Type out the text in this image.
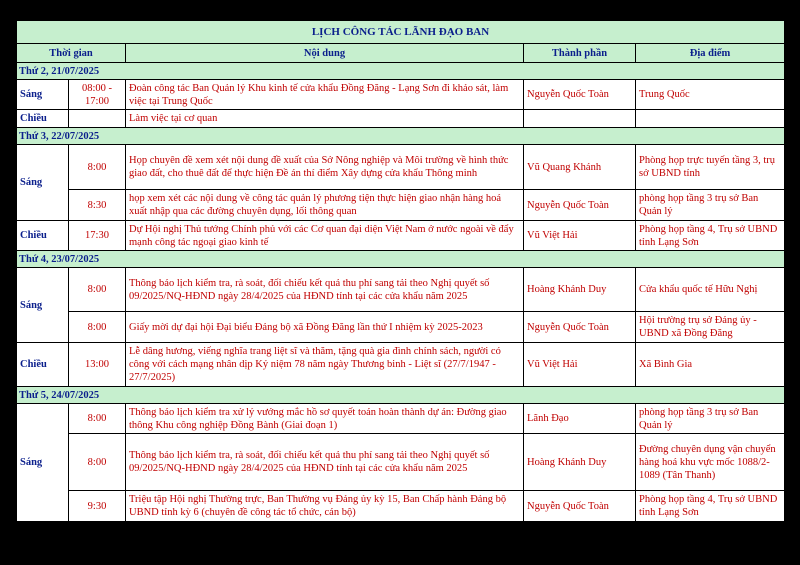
LỊCH CÔNG TÁC LÃNH ĐẠO BAN				
Thời gian		Nội dung	Thành phần	Địa điểm
Thứ 2, 21/07/2025				
Sáng	08:00 - 17:00	Đoàn công tác Ban Quản lý Khu kinh tế cửa khẩu Đồng Đăng - Lạng Sơn đi khảo sát, làm việc tại Trung Quốc	Nguyễn Quốc Toàn	Trung Quốc
Chiều		Làm việc tại cơ quan		
Thứ 3, 22/07/2025				
Sáng	8:00	Họp chuyên đề xem xét nội dung đề xuất của Sở Nông nghiệp và Môi trường về hình thức giao đất, cho thuê đất để thực hiện Đề án thí điểm Xây dựng cửa khẩu Thông minh	Vũ Quang Khánh	Phòng họp trực tuyến tầng 3, trụ sở UBND tỉnh
	8:30	họp xem xét các nội dung về công tác quản lý phương tiện thực hiện giao nhận hàng hoá xuất nhập qua các đường chuyên dụng, lối thông quan	Nguyễn Quốc Toàn	phòng họp tầng 3 trụ sở Ban Quản lý
Chiều	17:30	Dự Hội nghị Thủ tướng Chính phủ với các Cơ quan đại diện Việt Nam ở nước ngoài về đẩy mạnh công tác ngoại giao kinh tế	Vũ Việt Hải	Phòng họp tầng 4, Trụ sở UBND tỉnh Lạng Sơn
Thứ 4, 23/07/2025				
Sáng	8:00	Thông báo lịch kiểm tra, rà soát, đối chiếu kết quả thu phí sang tải theo Nghị quyết số 09/2025/NQ-HĐND ngày 28/4/2025 của HĐND tỉnh tại các cửa khẩu năm 2025	Hoàng Khánh Duy	Cửa khẩu quốc tế Hữu Nghị
	8:00	Giấy mời dự đại hội Đại biểu Đảng bộ xã Đồng Đăng lần thứ I nhiệm kỳ 2025-2023	Nguyễn Quốc Toàn	Hội trường trụ sở Đảng ủy - UBND xã Đồng Đăng
Chiều	13:00	Lễ dâng hương, viếng nghĩa trang liệt sĩ và thăm, tặng quà gia đình chính sách, người có công với cách mạng nhân dịp Kỷ niệm 78 năm ngày Thương binh - Liệt sĩ (27/7/1947 - 27/7/2025)	Vũ Việt Hải	Xã Bình Gia
Thứ 5, 24/07/2025				
Sáng	8:00	Thông báo lịch kiểm tra xử lý vướng mắc hồ sơ quyết toán hoàn thành dự án: Đường giao thông Khu công nghiệp Đồng Bành (Giai đoạn 1)	Lãnh Đạo	phòng họp tầng 3 trụ sở Ban Quản lý
	8:00	Thông báo lịch kiểm tra, rà soát, đối chiếu kết quả thu phí sang tải theo Nghị quyết số 09/2025/NQ-HĐND ngày 28/4/2025 của HĐND tỉnh tại các cửa khẩu năm 2025	Hoàng Khánh Duy	Đường chuyên dụng vận chuyển hàng hoá khu vực mốc 1088/2- 1089 (Tân Thanh)
	9:30	Triệu tập Hội nghị Thường trực, Ban Thường vụ Đảng ủy kỳ 15, Ban Chấp hành Đảng bộ UBND tỉnh kỳ 6 (chuyên đề công tác tổ chức, cán bộ)	Nguyễn Quốc Toàn	Phòng họp tầng 4, Trụ sở UBND tỉnh Lạng Sơn
